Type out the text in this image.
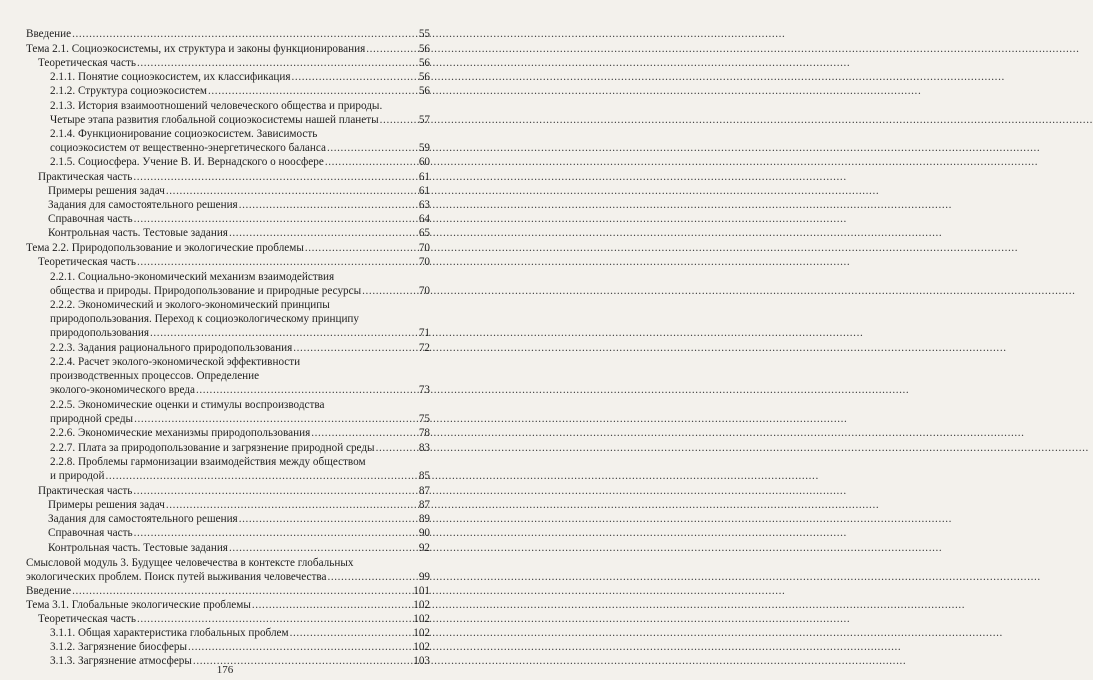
Введение .....	55
Тема 2.1. Социоэкосистемы, их структура и законы функционирования .....	56
Теоретическая часть .....	56
2.1.1. Понятие социоэкосистем, их классификация .....	56
2.1.2. Структура социоэкосистем .....	56
2.1.3. История взаимоотношений человеческого общества и природы.
Четыре этапа развития глобальной социоэкосистемы нашей планеты .....	57
2.1.4. Функционирование социоэкосистем. Зависимость
социоэкосистем от вещественно-энергетического баланса .....	59
2.1.5. Социосфера. Учение В. И. Вернадского о ноосфере .....	60
Практическая часть .....	61
Примеры решения задач .....	61
Задания для самостоятельного решения .....	63
Справочная часть .....	64
Контрольная часть. Тестовые задания .....	65
Тема 2.2. Природопользование и экологические проблемы .....	70
Теоретическая часть .....	70
2.2.1. Социально-экономический механизм взаимодействия
общества и природы. Природопользование и природные ресурсы .....	70
2.2.2. Экономический и эколого-экономический принципы
природопользования. Переход к социоэкологическому принципу
природопользования .....	71
2.2.3. Задания рационального природопользования .....	72
2.2.4. Расчет эколого-экономической эффективности
производственных процессов. Определение
эколого-экономического вреда .....	73
2.2.5. Экономические оценки и стимулы воспроизводства
природной среды .....	75
2.2.6. Экономические механизмы природопользования .....	78
2.2.7. Плата за природопользование и загрязнение природной среды .....	83
2.2.8. Проблемы гармонизации взаимодействия между обществом
и природой .....	85
Практическая часть .....	87
Примеры решения задач .....	87
Задания для самостоятельного решения .....	89
Справочная часть .....	90
Контрольная часть. Тестовые задания .....	92
Смысловой модуль 3. Будущее человечества в контексте глобальных
экологических проблем. Поиск путей выживания человечества .....	99
Введение .....	101
Тема 3.1. Глобальные экологические проблемы .....	102
Теоретическая часть .....	102
3.1.1. Общая характеристика глобальных проблем .....	102
3.1.2. Загрязнение биосферы .....	102
3.1.3. Загрязнение атмосферы .....	103
176
